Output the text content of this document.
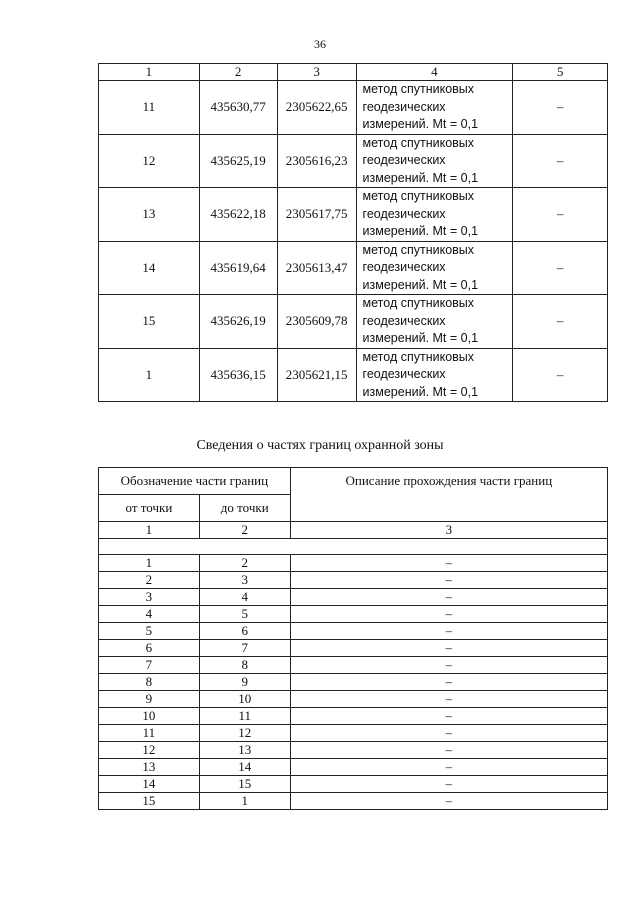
36
1	2	3	4	5
11	435630,77	2305622,65	метод спутниковых
геодезических
измерений. Mt = 0,1	–
12	435625,19	2305616,23	метод спутниковых
геодезических
измерений. Mt = 0,1	–
13	435622,18	2305617,75	метод спутниковых
геодезических
измерений. Mt = 0,1	–
14	435619,64	2305613,47	метод спутниковых
геодезических
измерений. Mt = 0,1	–
15	435626,19	2305609,78	метод спутниковых
геодезических
измерений. Mt = 0,1	–
1	435636,15	2305621,15	метод спутниковых
геодезических
измерений. Mt = 0,1	–
Сведения о частях границ охранной зоны
Обозначение части границ		Описание прохождения части границ
от точки	до точки	
1	2	3

1	2	–
2	3	–
3	4	–
4	5	–
5	6	–
6	7	–
7	8	–
8	9	–
9	10	–
10	11	–
11	12	–
12	13	–
13	14	–
14	15	–
15	1	–
